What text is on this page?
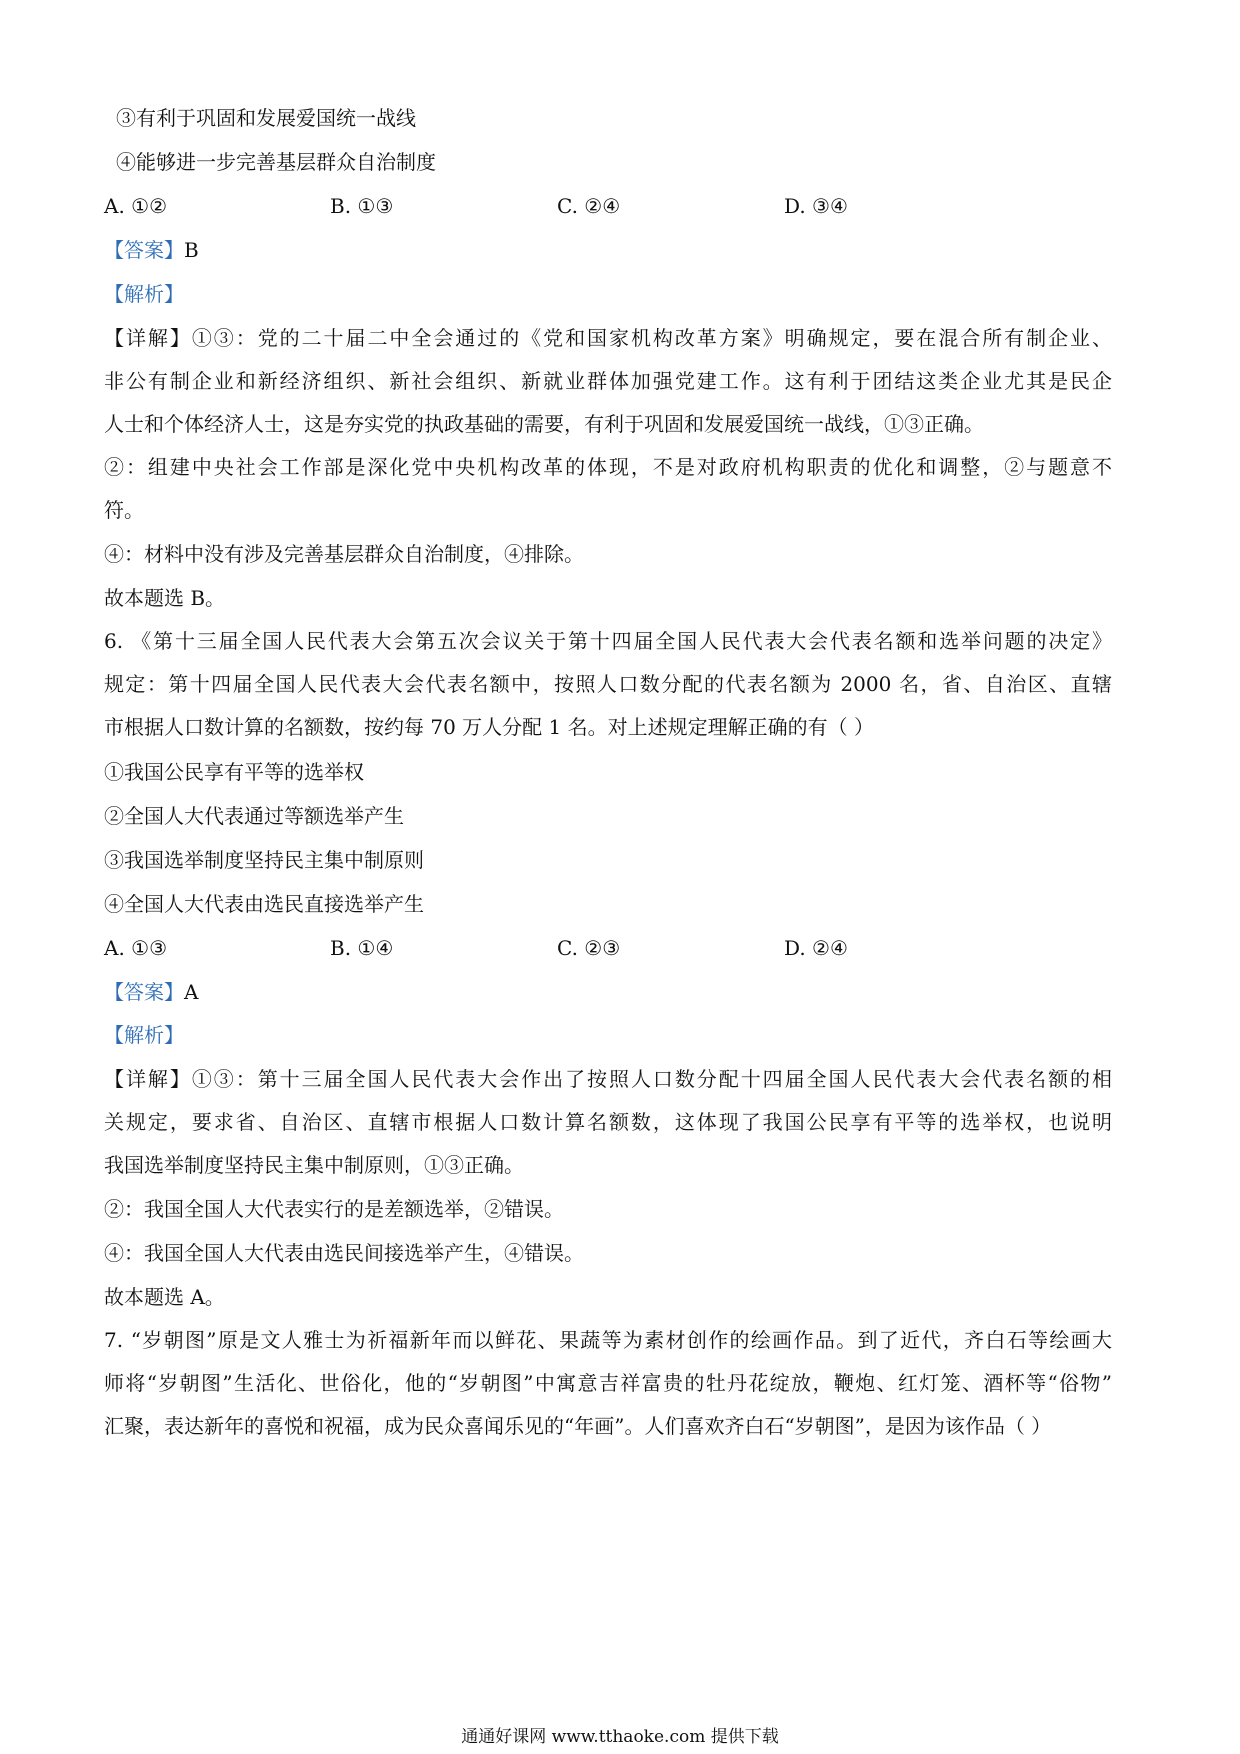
③有利于巩固和发展爱国统一战线
④能够进一步完善基层群众自治制度
A. ①②	B. ①③	C. ②④	D. ③④
【答案】B
【解析】
【详解】①③：党的二十届二中全会通过的《党和国家机构改革方案》明确规定，要在混合所有制企业、
非公有制企业和新经济组织、新社会组织、新就业群体加强党建工作。这有利于团结这类企业尤其是民企
人士和个体经济人士，这是夯实党的执政基础的需要，有利于巩固和发展爱国统一战线，①③正确。
②：组建中央社会工作部是深化党中央机构改革的体现，不是对政府机构职责的优化和调整，②与题意不
符。
④：材料中没有涉及完善基层群众自治制度，④排除。
故本题选 B。
6. 《第十三届全国人民代表大会第五次会议关于第十四届全国人民代表大会代表名额和选举问题的决定》
规定：第十四届全国人民代表大会代表名额中，按照人口数分配的代表名额为 2000 名，省、自治区、直辖
市根据人口数计算的名额数，按约每 70 万人分配 1 名。对上述规定理解正确的有（ ）
①我国公民享有平等的选举权
②全国人大代表通过等额选举产生
③我国选举制度坚持民主集中制原则
④全国人大代表由选民直接选举产生
A. ①③	B. ①④	C. ②③	D. ②④
【答案】A
【解析】
【详解】①③：第十三届全国人民代表大会作出了按照人口数分配十四届全国人民代表大会代表名额的相
关规定，要求省、自治区、直辖市根据人口数计算名额数，这体现了我国公民享有平等的选举权，也说明
我国选举制度坚持民主集中制原则，①③正确。
②：我国全国人大代表实行的是差额选举，②错误。
④：我国全国人大代表由选民间接选举产生，④错误。
故本题选 A。
7. “岁朝图”原是文人雅士为祈福新年而以鲜花、果蔬等为素材创作的绘画作品。到了近代，齐白石等绘画大
师将“岁朝图”生活化、世俗化，他的“岁朝图”中寓意吉祥富贵的牡丹花绽放，鞭炮、红灯笼、酒杯等“俗物”
汇聚，表达新年的喜悦和祝福，成为民众喜闻乐见的“年画”。人们喜欢齐白石“岁朝图”，是因为该作品（ ）
通通好课网 www.tthaoke.com 提供下载
